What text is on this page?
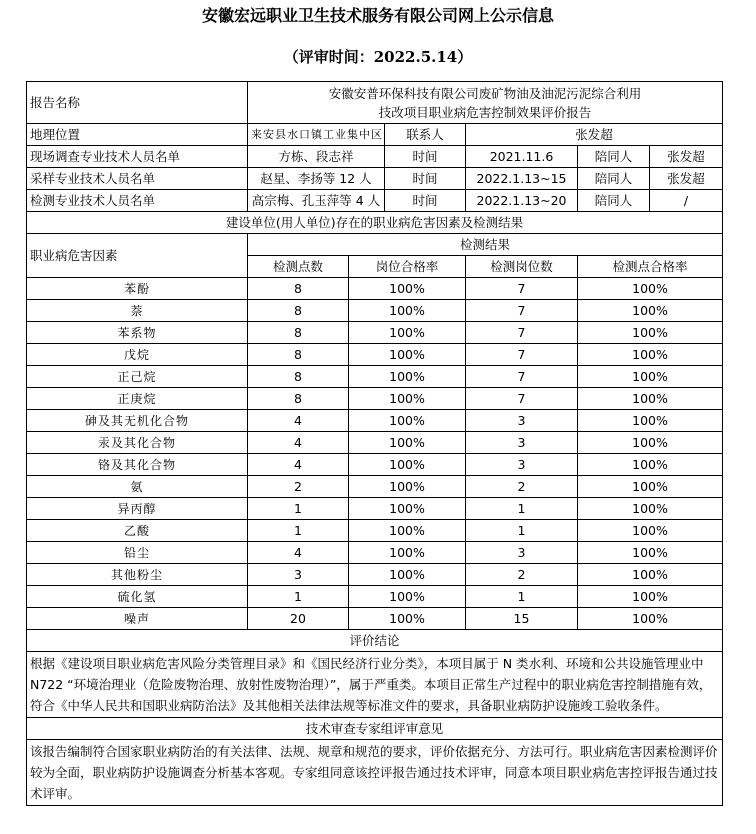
安徽宏远职业卫生技术服务有限公司网上公示信息
（评审时间：2022.5.14）
报告名称	安徽安普环保科技有限公司废矿物油及油泥污泥综合利用
技改项目职业病危害控制效果评价报告					

地理位置	来安县水口镇工业集中区		联系人	张发超		
现场调查专业技术人员名单	方栋、段志祥		时间	2021.11.6	陪同人	张发超
采样专业技术人员名单	赵星、李扬等 12 人		时间	2022.1.13~15	陪同人	张发超
检测专业技术人员名单	高宗梅、孔玉萍等 4 人		时间	2022.1.13~20	陪同人	/
建设单位(用人单位)存在的职业病危害因素及检测结果						
职业病危害因素	检测结果					
	检测点数	岗位合格率		检测岗位数	检测点合格率	
苯酚	8	100%		7	100%	
萘	8	100%		7	100%	
苯系物	8	100%		7	100%	
戊烷	8	100%		7	100%	
正己烷	8	100%		7	100%	
正庚烷	8	100%		7	100%	
砷及其无机化合物	4	100%		3	100%	
汞及其化合物	4	100%		3	100%	
铬及其化合物	4	100%		3	100%	
氨	2	100%		2	100%	
异丙醇	1	100%		1	100%	
乙酸	1	100%		1	100%	
铅尘	4	100%		3	100%	
其他粉尘	3	100%		2	100%	
硫化氢	1	100%		1	100%	
噪声	20	100%		15	100%	
评价结论						
根据《建设项目职业病危害风险分类管理目录》和《国民经济行业分类》，本项目属于 N 类水利、环境和公共设施管理业中 N722 “环境治理业（危险废物治理、放射性废物治理）”，属于严重类。本项目正常生产过程中的职业病危害控制措施有效，符合《中华人民共和国职业病防治法》及其他相关法律法规等标准文件的要求，具备职业病防护设施竣工验收条件。						
技术审查专家组评审意见						
该报告编制符合国家职业病防治的有关法律、法规、规章和规范的要求，评价依据充分、方法可行。职业病危害因素检测评价较为全面，职业病防护设施调查分析基本客观。专家组同意该控评报告通过技术评审，同意本项目职业病危害控评报告通过技术评审。						
